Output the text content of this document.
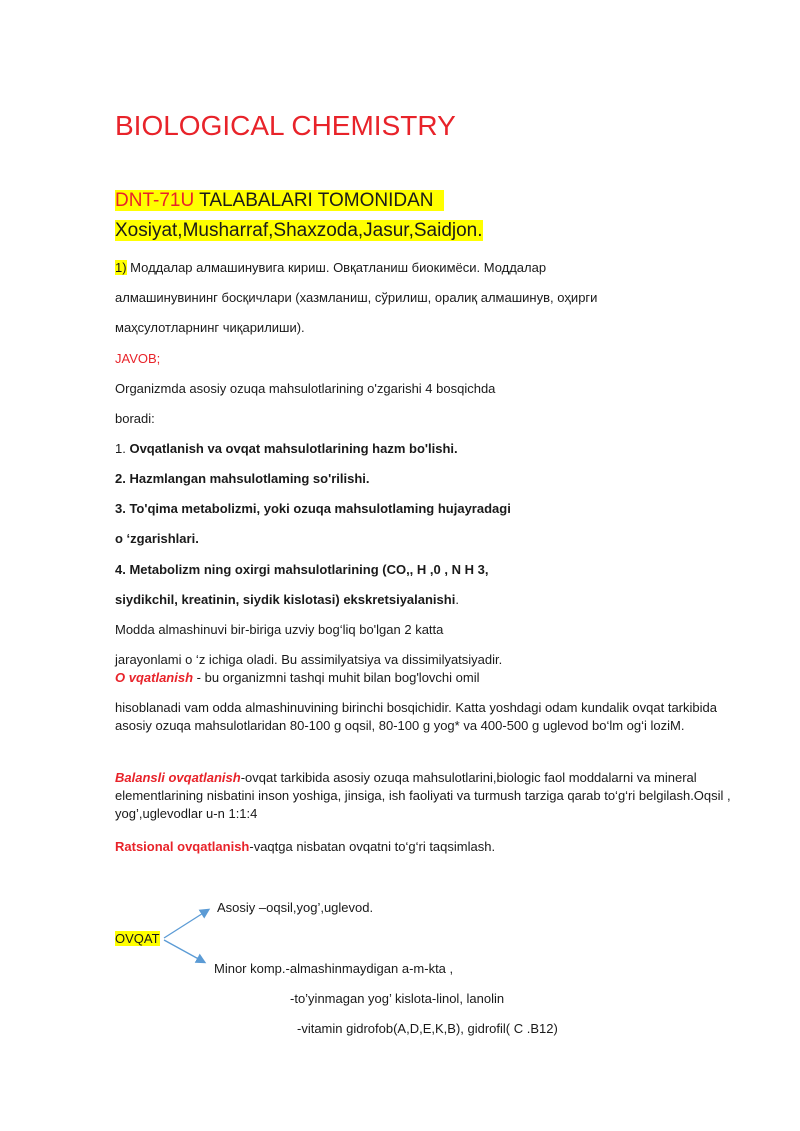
BIOLOGICAL CHEMISTRY
DNT-71U TALABALARI TOMONIDAN
Xosiyat,Musharraf,Shaxzoda,Jasur,Saidjon.
1) Моддалар алмашинувига кириш. Овқатланиш биокимёси. Моддалар
алмашинувининг босқичлари (хазмланиш, сўрилиш, оралиқ алмашинув, оҳирги
маҳсулотларнинг чиқарилиши).
JAVOB;
Organizmda asosiy ozuqa mahsulotlarining o'zgarishi 4 bosqichda
boradi:
1. Ovqatlanish va ovqat mahsulotlarining hazm bo'lishi.
2. Hazmlangan mahsulotlaming so'rilishi.
3. To'qima metabolizmi, yoki ozuqa mahsulotlaming hujayradagi
o ‘zgarishlari.
4. Metabolizm ning oxirgi mahsulotlarining (CO,, H ,0 , N H 3,
siydikchil, kreatinin, siydik kislotasi) ekskretsiyalanishi.
Modda almashinuvi bir-biriga uzviy bog‘liq bo'lgan 2 katta
jarayonlami o ‘z ichiga oladi. Bu assimilyatsiya va dissimilyatsiyadir.
O vqatlanish - bu organizmni tashqi muhit bilan bog'lovchi omil
hisoblanadi vam odda almashinuvining birinchi bosqichidir. Katta yoshdagi odam kundalik ovqat tarkibida asosiy ozuqa mahsulotlaridan 80-100 g oqsil, 80-100 g yog* va 400-500 g uglevod bo‘lm og‘i loziM.
Balansli ovqatlanish-ovqat tarkibida asosiy ozuqa mahsulotlarini,biologic faol moddalarni va mineral elementlarining nisbatini inson yoshiga, jinsiga, ish faoliyati va turmush tarziga qarab to‘g‘ri belgilash.Oqsil , yog’,uglevodlar u-n 1:1:4
Ratsional ovqatlanish-vaqtga nisbatan ovqatni to‘g‘ri taqsimlash.
Asosiy –oqsil,yog’,uglevod.
OVQAT
Minor komp.-almashinmaydigan a-m-kta ,
-to’yinmagan yog’ kislota-linol, lanolin
-vitamin gidrofob(A,D,E,K,B), gidrofil( C .B12)
